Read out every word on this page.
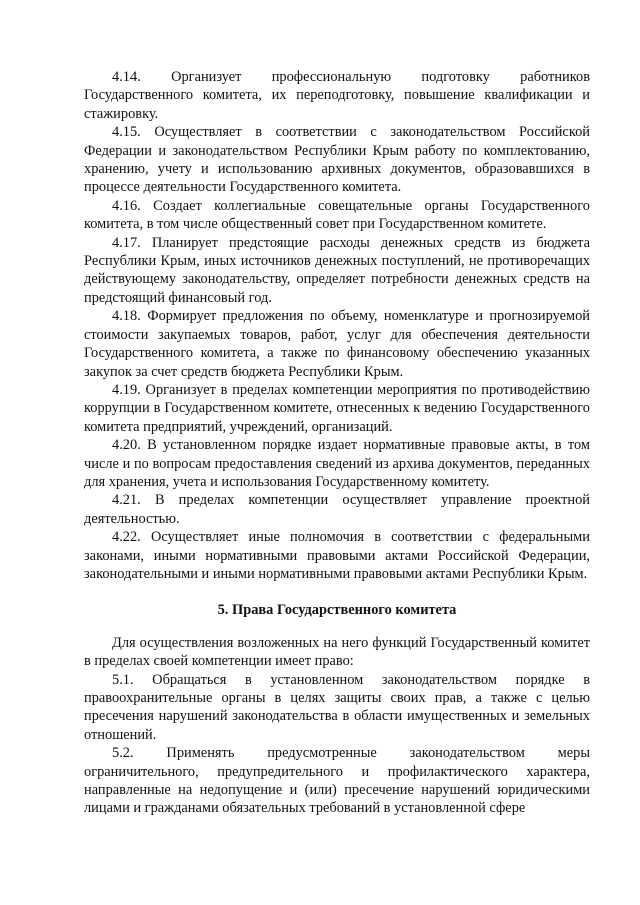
4.14. Организует профессиональную подготовку работников Государственного комитета, их переподготовку, повышение квалификации и стажировку.

4.15. Осуществляет в соответствии с законодательством Российской Федерации и законодательством Республики Крым работу по комплектованию, хранению, учету и использованию архивных документов, образовавшихся в процессе деятельности Государственного комитета.

4.16. Создает коллегиальные совещательные органы Государственного комитета, в том числе общественный совет при Государственном комитете.

4.17. Планирует предстоящие расходы денежных средств из бюджета Республики Крым, иных источников денежных поступлений, не противоречащих действующему законодательству, определяет потребности денежных средств на предстоящий финансовый год.

4.18. Формирует предложения по объему, номенклатуре и прогнозируемой стоимости закупаемых товаров, работ, услуг для обеспечения деятельности Государственного комитета, а также по финансовому обеспечению указанных закупок за счет средств бюджета Республики Крым.

4.19. Организует в пределах компетенции мероприятия по противодействию коррупции в Государственном комитете, отнесенных к ведению Государственного комитета предприятий, учреждений, организаций.

4.20. В установленном порядке издает нормативные правовые акты, в том числе и по вопросам предоставления сведений из архива документов, переданных для хранения, учета и использования Государственному комитету.

4.21. В пределах компетенции осуществляет управление проектной деятельностью.

4.22. Осуществляет иные полномочия в соответствии с федеральными законами, иными нормативными правовыми актами Российской Федерации, законодательными и иными нормативными правовыми актами Республики Крым.

5. Права Государственного комитета

Для осуществления возложенных на него функций Государственный комитет в пределах своей компетенции имеет право:

5.1. Обращаться в установленном законодательством порядке в правоохранительные органы в целях защиты своих прав, а также с целью пресечения нарушений законодательства в области имущественных и земельных отношений.

5.2. Применять предусмотренные законодательством меры ограничительного, предупредительного и профилактического характера, направленные на недопущение и (или) пресечение нарушений юридическими лицами и гражданами обязательных требований в установленной сфере
